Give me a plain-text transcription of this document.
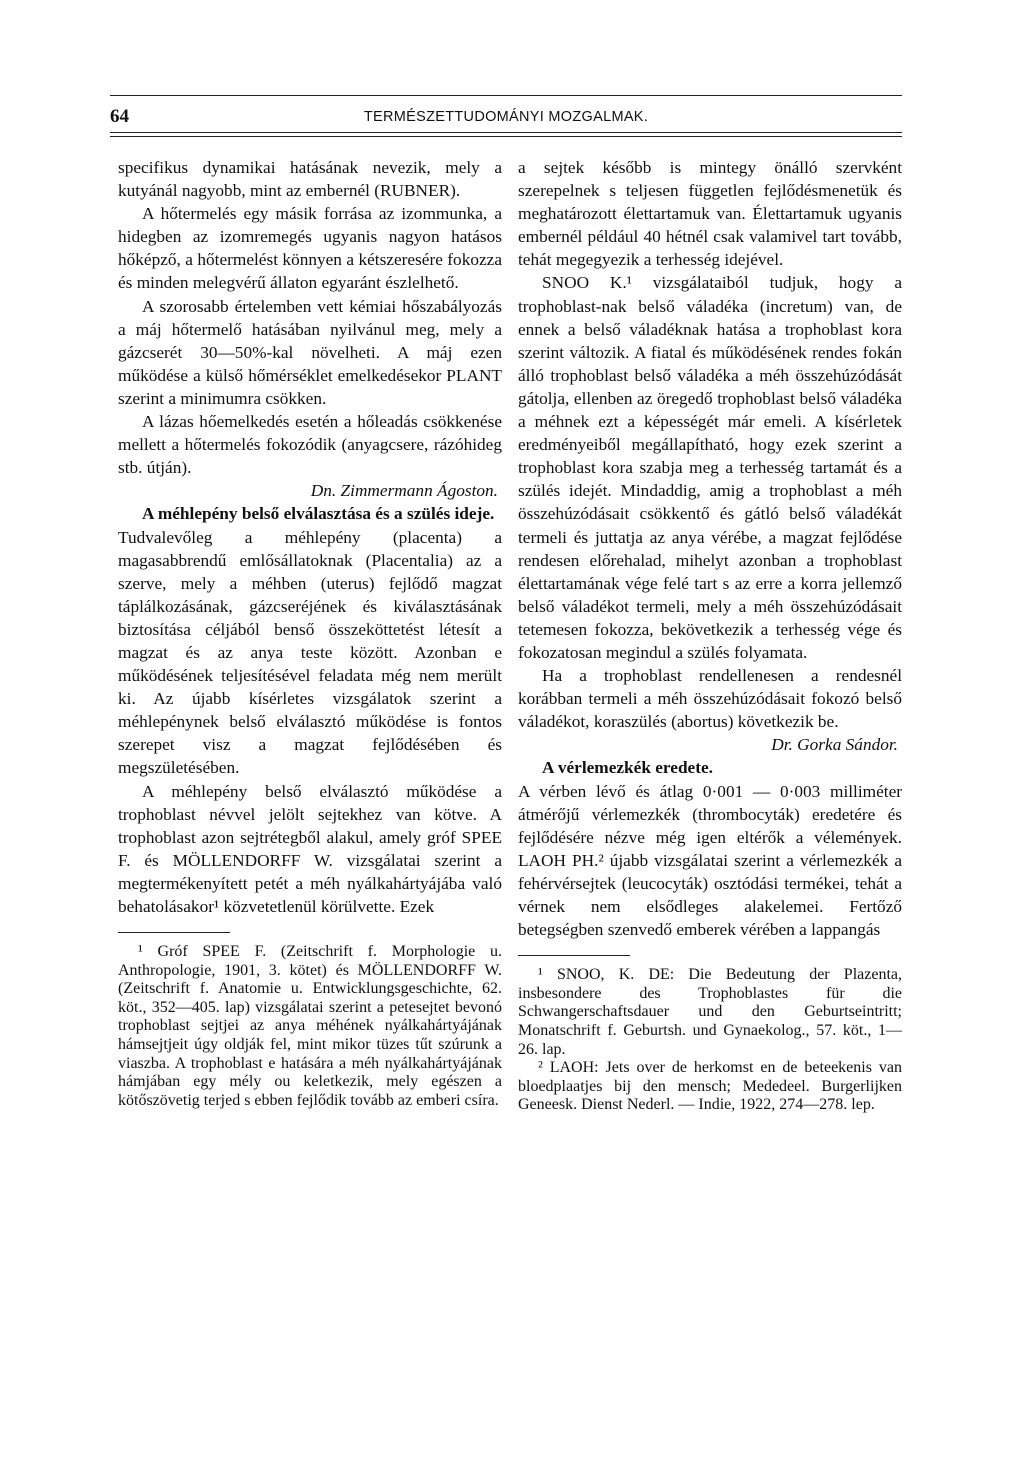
64	TERMÉSZETTUDOMÁNYI MOZGALMAK.

specifikus dynamikai hatásának nevezik, mely a kutyánál nagyobb, mint az embernél (RUBNER).

A hőtermelés egy másik forrása az izommunka, a hidegben az izomremegés ugyanis nagyon hatásos hőképző, a hőtermelést könnyen a kétszeresére fokozza és minden melegvérű állaton egyaránt észlelhető.

A szorosabb értelemben vett kémiai hőszabályozás a máj hőtermelő hatásában nyilvánul meg, mely a gázcserét 30—50%-kal növelheti. A máj ezen működése a külső hőmérséklet emelkedésekor PLANT szerint a minimumra csökken.

A lázas hőemelkedés esetén a hőleadás csökkenése mellett a hőtermelés fokozódik (anyagcsere, rázóhideg stb. útján).

Dn. Zimmermann Ágoston.

A méhlepény belső elválasztása és a szülés ideje.

Tudvalevőleg a méhlepény (placenta) a magasabbrendű emlősállatoknak (Placentalia) az a szerve, mely a méhben (uterus) fejlődő magzat táplálkozásának, gázcseréjének és kiválasztásának biztosítása céljából benső összeköttetést létesít a magzat és az anya teste között. Azonban e működésének teljesítésével feladata még nem merült ki. Az újabb kísérletes vizsgálatok szerint a méhlepénynek belső elválasztó működése is fontos szerepet visz a magzat fejlődésében és megszületésében.

A méhlepény belső elválasztó működése a trophoblast névvel jelölt sejtekhez van kötve. A trophoblast azon sejtrétegből alakul, amely gróf SPEE F. és MÖLLENDORFF W. vizsgálatai szerint a megtermékenyített petét a méh nyálkahártyájába való behatolásakor¹ közvetetlenül körülvette. Ezek

¹ Gróf SPEE F. (Zeitschrift f. Morphologie u. Anthropologie, 1901, 3. kötet) és MÖLLENDORFF W. (Zeitschrift f. Anatomie u. Entwicklungsgeschichte, 62. köt., 352—405. lap) vizsgálatai szerint a petesejtet bevonó trophoblast sejtjei az anya méhének nyálkahártyájának hámsejtjeit úgy oldják fel, mint mikor tüzes tűt szúrunk a viaszba. A trophoblast e hatására a méh nyálkahártyájának hámjában egy mély ou keletkezik, mely egészen a kötőszövetig terjed s ebben fejlődik tovább az emberi csíra.

a sejtek később is mintegy önálló szervként szerepelnek s teljesen független fejlődésmenetük és meghatározott élettartamuk van. Élettartamuk ugyanis embernél például 40 hétnél csak valamivel tart tovább, tehát megegyezik a terhesség idejével.

SNOO K.¹ vizsgálataiból tudjuk, hogy a trophoblast-nak belső váladéka (incretum) van, de ennek a belső váladéknak hatása a trophoblast kora szerint változik. A fiatal és működésének rendes fokán álló trophoblast belső váladéka a méh összehúzódását gátolja, ellenben az öregedő trophoblast belső váladéka a méhnek ezt a képességét már emeli. A kísérletek eredményeiből megállapítható, hogy ezek szerint a trophoblast kora szabja meg a terhesség tartamát és a szülés idejét. Mindaddig, amig a trophoblast a méh összehúzódásait csökkentő és gátló belső váladékát termeli és juttatja az anya vérébe, a magzat fejlődése rendesen előrehalad, mihelyt azonban a trophoblast élettartamának vége felé tart s az erre a korra jellemző belső váladékot termeli, mely a méh összehúzódásait tetemesen fokozza, bekövetkezik a terhesség vége és fokozatosan megindul a szülés folyamata.

Ha a trophoblast rendellenesen a rendesnél korábban termeli a méh összehúzódásait fokozó belső váladékot, koraszülés (abortus) következik be.

Dr. Gorka Sándor.

A vérlemezkék eredete.

A vérben lévő és átlag 0·001 — 0·003 milliméter átmérőjű vérlemezkék (thrombocyták) eredetére és fejlődésére nézve még igen eltérők a vélemények. LAOH PH.² újabb vizsgálatai szerint a vérlemezkék a fehérvérsejtek (leucocyták) osztódási termékei, tehát a vérnek nem elsődleges alakelemei. Fertőző betegségben szenvedő emberek vérében a lappangás

¹ SNOO, K. DE: Die Bedeutung der Plazenta, insbesondere des Trophoblastes für die Schwangerschaftsdauer und den Geburtseintritt; Monatschrift f. Geburtsh. und Gynaekolog., 57. köt., 1—26. lap.

² LAOH: Jets over de herkomst en de beteekenis van bloedplaatjes bij den mensch; Mededeel. Burgerlijken Geneesk. Dienst Nederl. — Indie, 1922, 274—278. lep.
